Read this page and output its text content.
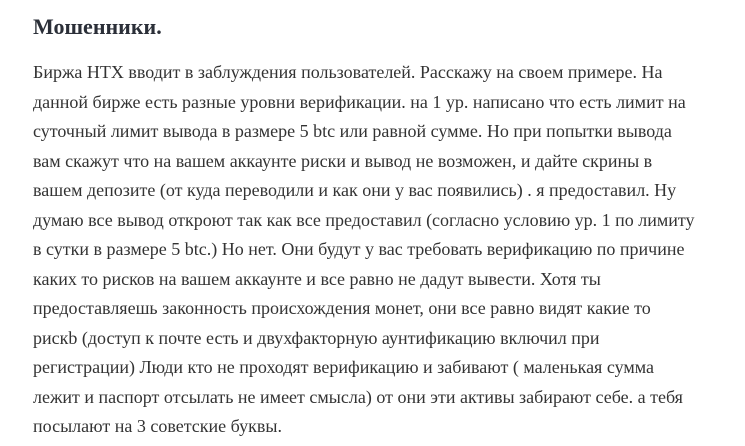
Мошенники.

Биржа HTX вводит в заблуждения пользователей. Расскажу на своем примере. На
данной бирже есть разные уровни верификации. на 1 ур. написано что есть лимит на
суточный лимит вывода в размере 5 btc или равной сумме. Но при попытки вывода
вам скажут что на вашем аккаунте риски и вывод не возможен, и дайте скрины в
вашем депозите (от куда переводили и как они у вас появились) . я предоставил. Ну
думаю все вывод откроют так как все предоставил (согласно условию ур. 1 по лимиту
в сутки в размере 5 btc.) Но нет. Они будут у вас требовать верификацию по причине
каких то рисков на вашем аккаунте и все равно не дадут вывести. Хотя ты
предоставляешь законность происхождения монет, они все равно видят какие то
рискb (доступ к почте есть и двухфакторную аунтификацию включил при
регистрации) Люди кто не проходят верификацию и забивают ( маленькая сумма
лежит и паспорт отсылать не имеет смысла) от они эти активы забирают себе. а тебя
посылают на 3 советские буквы.
